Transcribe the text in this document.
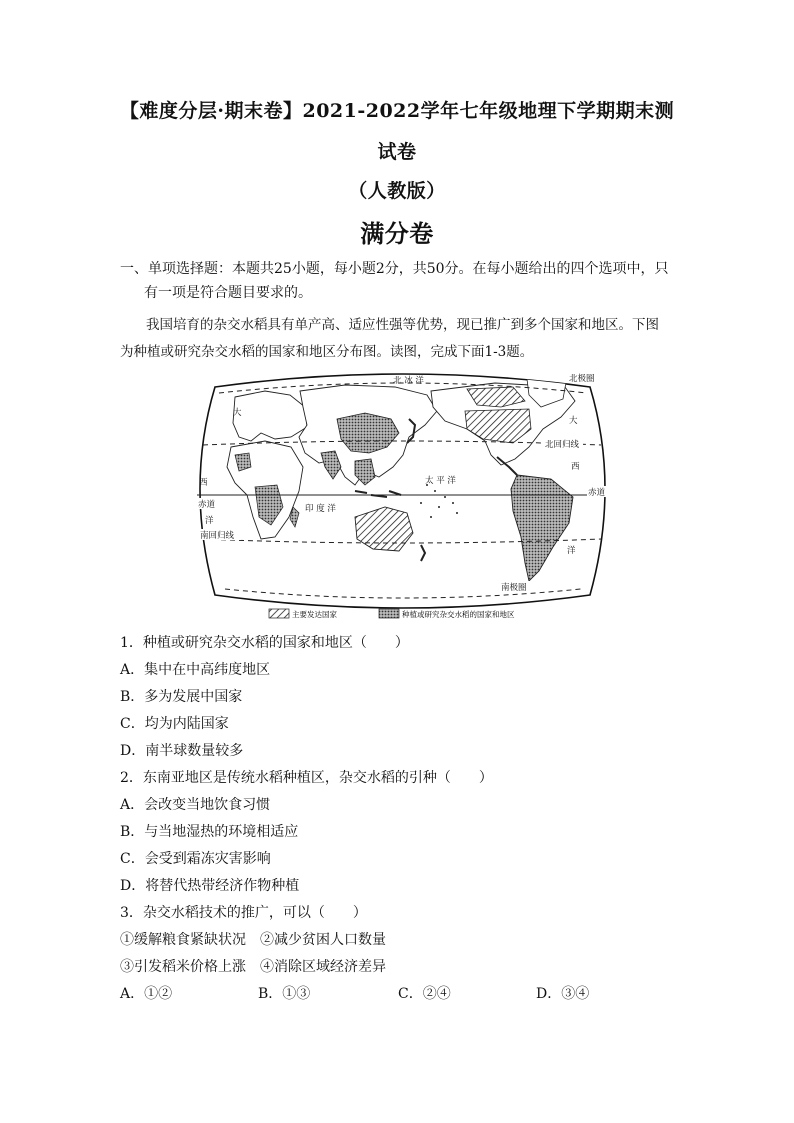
【难度分层·期末卷】2021-2022学年七年级地理下学期期末测
试卷
（人教版）
满分卷
一、单项选择题：本题共25小题，每小题2分，共50分。在每小题给出的四个选项中，只
有一项是符合题目要求的。
我国培育的杂交水稻具有单产高、适应性强等优势，现已推广到多个国家和地区。下图
为种植或研究杂交水稻的国家和地区分布图。读图，完成下面1-3题。
北 冰 洋	北极圈
大
大
北回归线
西
西
赤道
赤道
太 平 洋
印 度 洋
洋
洋
南回归线
南极圈
主要发达国家	种植或研究杂交水稻的国家和地区
1．种植或研究杂交水稻的国家和地区（　　）
A．集中在中高纬度地区
B．多为发展中国家
C．均为内陆国家
D．南半球数量较多
2．东南亚地区是传统水稻种植区，杂交水稻的引种（　　）
A．会改变当地饮食习惯
B．与当地湿热的环境相适应
C．会受到霜冻灾害影响
D．将替代热带经济作物种植
3．杂交水稻技术的推广，可以（　　）
①缓解粮食紧缺状况　②减少贫困人口数量
③引发稻米价格上涨　④消除区域经济差异
A．①②	B．①③	C．②④	D．③④
